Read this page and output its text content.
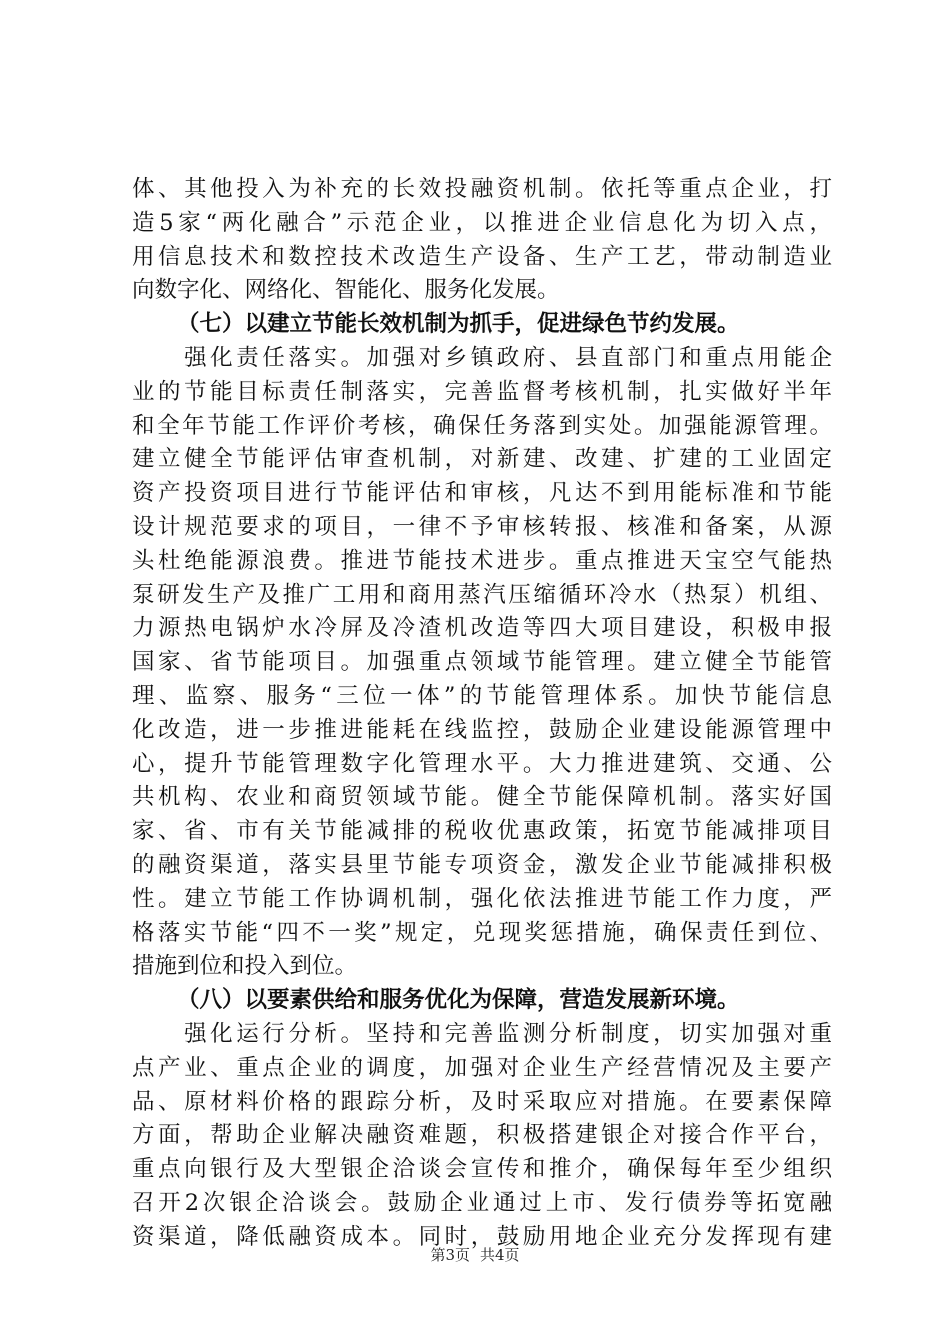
体、其他投入为补充的长效投融资机制。依托等重点企业，打
造5家“两化融合”示范企业，以推进企业信息化为切入点，
用信息技术和数控技术改造生产设备、生产工艺，带动制造业
向数字化、网络化、智能化、服务化发展。
（七）以建立节能长效机制为抓手，促进绿色节约发展。
　　强化责任落实。加强对乡镇政府、县直部门和重点用能企
业的节能目标责任制落实，完善监督考核机制，扎实做好半年
和全年节能工作评价考核，确保任务落到实处。加强能源管理。
建立健全节能评估审查机制，对新建、改建、扩建的工业固定
资产投资项目进行节能评估和审核，凡达不到用能标准和节能
设计规范要求的项目，一律不予审核转报、核准和备案，从源
头杜绝能源浪费。推进节能技术进步。重点推进天宝空气能热
泵研发生产及推广工用和商用蒸汽压缩循环冷水（热泵）机组、
力源热电锅炉水冷屏及冷渣机改造等四大项目建设，积极申报
国家、省节能项目。加强重点领域节能管理。建立健全节能管
理、监察、服务“三位一体”的节能管理体系。加快节能信息
化改造，进一步推进能耗在线监控，鼓励企业建设能源管理中
心，提升节能管理数字化管理水平。大力推进建筑、交通、公
共机构、农业和商贸领域节能。健全节能保障机制。落实好国
家、省、市有关节能减排的税收优惠政策，拓宽节能减排项目
的融资渠道，落实县里节能专项资金，激发企业节能减排积极
性。建立节能工作协调机制，强化依法推进节能工作力度，严
格落实节能“四不一奖”规定，兑现奖惩措施，确保责任到位、
措施到位和投入到位。
（八）以要素供给和服务优化为保障，营造发展新环境。
　　强化运行分析。坚持和完善监测分析制度，切实加强对重
点产业、重点企业的调度，加强对企业生产经营情况及主要产
品、原材料价格的跟踪分析，及时采取应对措施。在要素保障
方面，帮助企业解决融资难题，积极搭建银企对接合作平台，
重点向银行及大型银企洽谈会宣传和推介，确保每年至少组织
召开2次银企洽谈会。鼓励企业通过上市、发行债券等拓宽融
资渠道，降低融资成本。同时，鼓励用地企业充分发挥现有建
第3页 共4页
